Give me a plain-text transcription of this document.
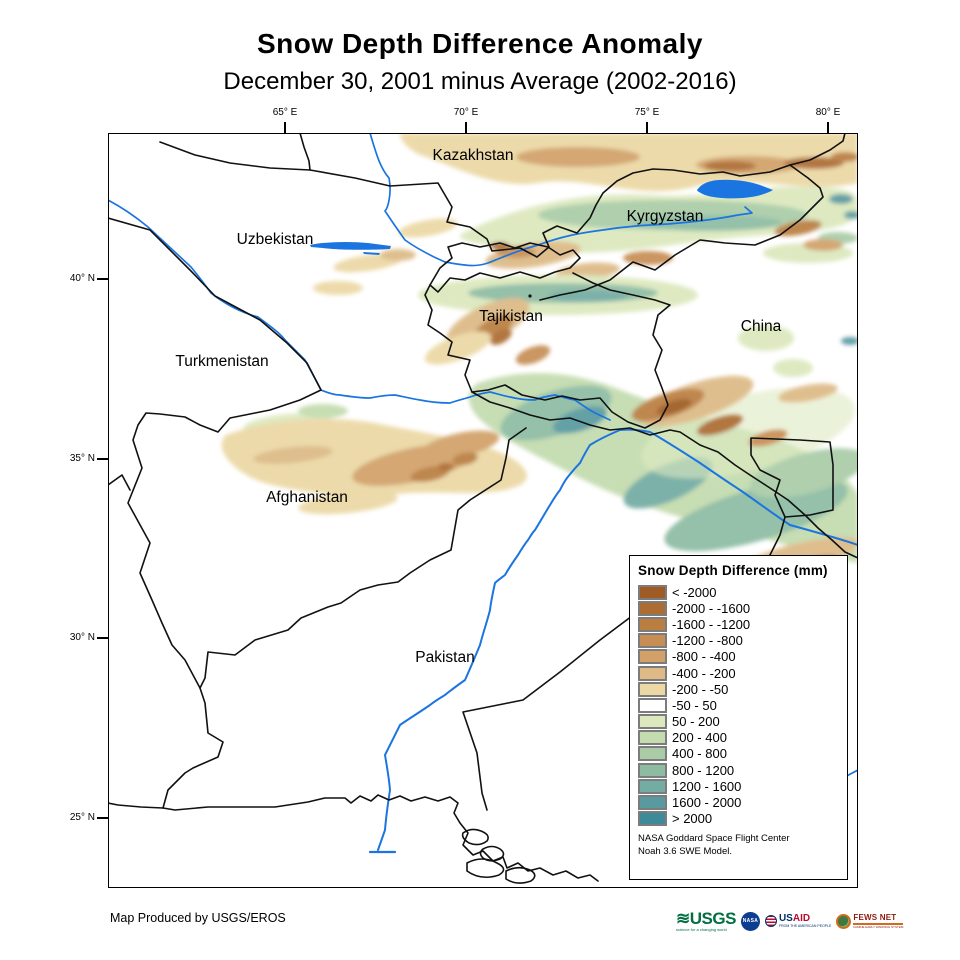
Snow Depth Difference Anomaly
December 30, 2001 minus Average (2002-2016)
Kazakhstan
Uzbekistan
Kyrgyzstan
Tajikistan
China
Turkmenistan
Afghanistan
Pakistan
65° E	70° E	75° E	80° E
40° N
35° N
30° N
25° N
Snow Depth Difference (mm)
< -2000
-2000 - -1600
-1600 - -1200
-1200 - -800
-800 - -400
-400 - -200
-200 - -50
-50 - 50
50 - 200
200 - 400
400 - 800
800 - 1200
1200 - 1600
1600 - 2000
> 2000
NASA Goddard Space Flight Center
Noah 3.6 SWE Model.
Map Produced by USGS/EROS	≋USGS
science for a changing world
NASA USAID
FROM THE AMERICAN PEOPLE
FEWS NET
FAMINE EARLY WARNING SYSTEM
